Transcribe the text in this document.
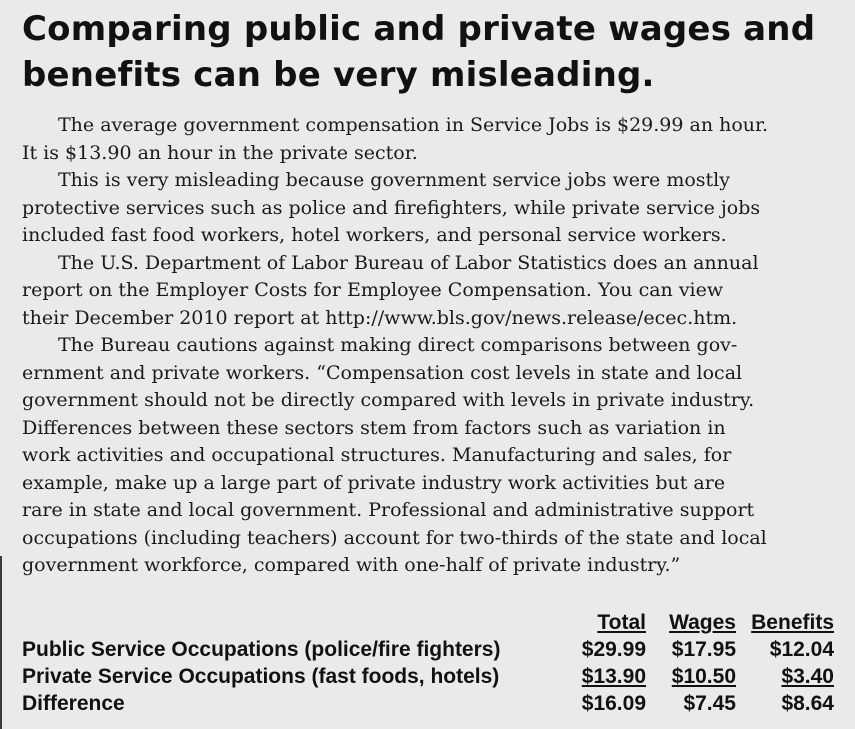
Comparing public and private wages and
benefits can be very misleading.
The average government compensation in Service Jobs is $29.99 an hour.
It is $13.90 an hour in the private sector.
This is very misleading because government service jobs were mostly
protective services such as police and firefighters, while private service jobs
included fast food workers, hotel workers, and personal service workers.
The U.S. Department of Labor Bureau of Labor Statistics does an annual
report on the Employer Costs for Employee Compensation. You can view
their December 2010 report at http://www.bls.gov/news.release/ecec.htm.
The Bureau cautions against making direct comparisons between gov-
ernment and private workers. “Compensation cost levels in state and local
government should not be directly compared with levels in private industry.
Differences between these sectors stem from factors such as variation in
work activities and occupational structures. Manufacturing and sales, for
example, make up a large part of private industry work activities but are
rare in state and local government. Professional and administrative support
occupations (including teachers) account for two-thirds of the state and local
government workforce, compared with one-half of private industry.”
Total Wages Benefits
Public Service Occupations (police/fire fighters)	$29.99 $17.95 $12.04
Private Service Occupations (fast foods, hotels)	$13.90 $10.50 $3.40
Difference	$16.09 $7.45 $8.64
